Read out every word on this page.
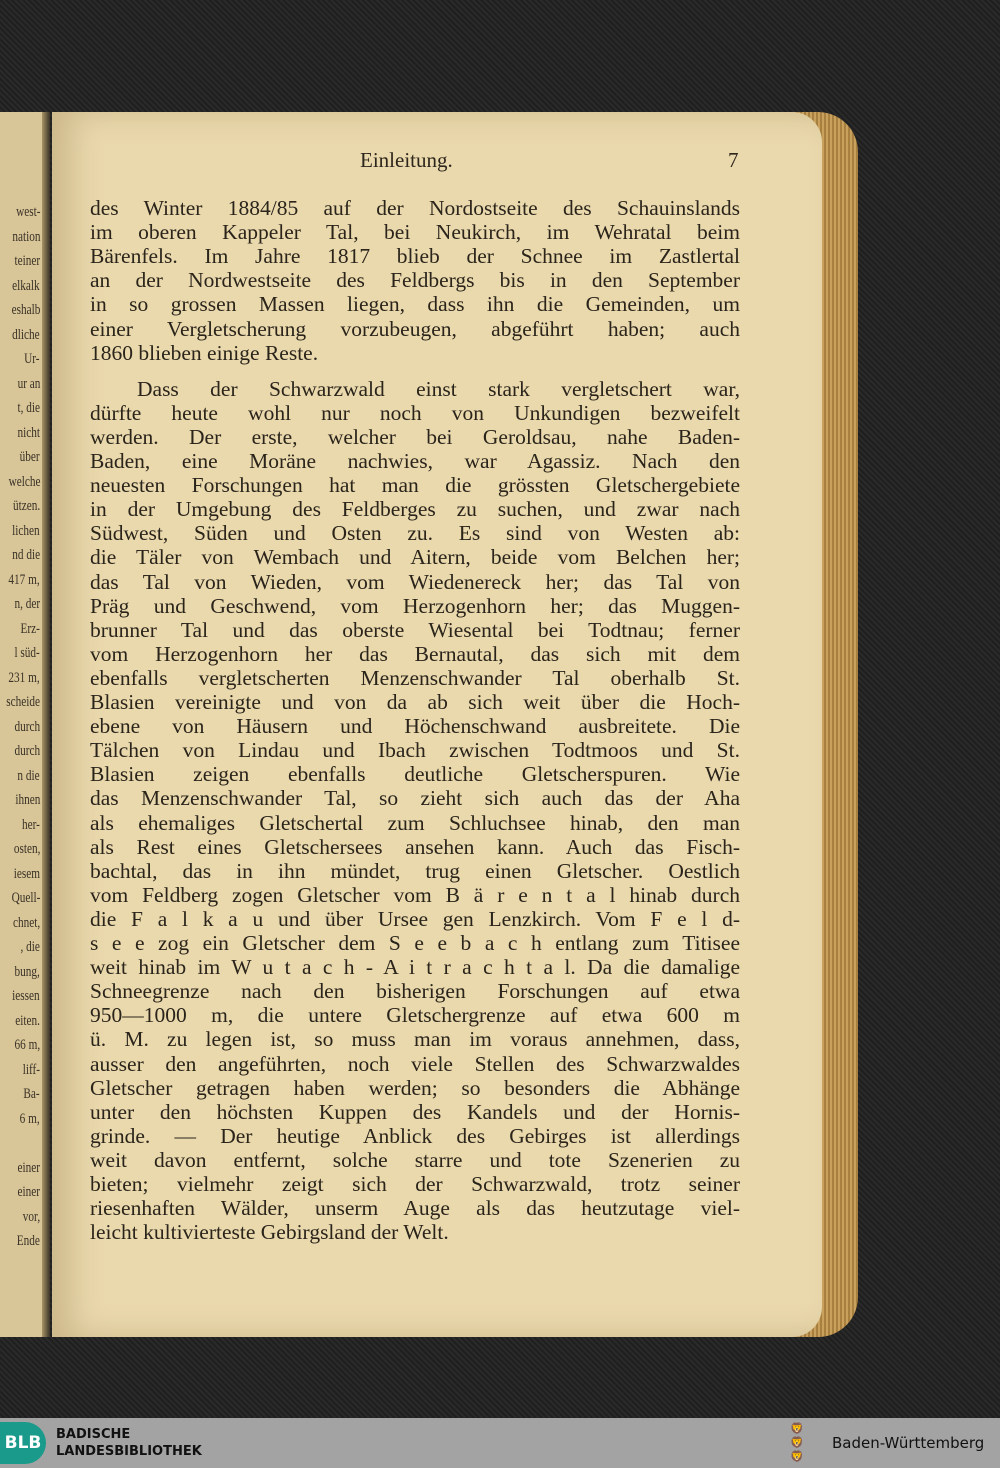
west-
nation
teiner
elkalk
eshalb
dliche
Ur-
ur an
t, die
nicht
über
welche
ützen.
lichen
nd die
417 m,
n, der
Erz-
l süd-
231 m,
scheide
durch
durch
n die
ihnen
her-
osten,
iesem
Quell-
chnet,
, die
bung,
iessen
eiten.
66 m,
liff-
Ba-
6 m,
einer
einer
vor,
Ende
Einleitung.	7
des Winter 1884/85 auf der Nordostseite des Schauinslands
im oberen Kappeler Tal, bei Neukirch, im Wehratal beim
Bärenfels. Im Jahre 1817 blieb der Schnee im Zastlertal
an der Nordwestseite des Feldbergs bis in den September
in so grossen Massen liegen, dass ihn die Gemeinden, um
einer Vergletscherung vorzubeugen, abgeführt haben; auch
1860 blieben einige Reste.
Dass der Schwarzwald einst stark vergletschert war,
dürfte heute wohl nur noch von Unkundigen bezweifelt
werden. Der erste, welcher bei Geroldsau, nahe Baden-
Baden, eine Moräne nachwies, war Agassiz. Nach den
neuesten Forschungen hat man die grössten Gletschergebiete
in der Umgebung des Feldberges zu suchen, und zwar nach
Südwest, Süden und Osten zu. Es sind von Westen ab:
die Täler von Wembach und Aitern, beide vom Belchen her;
das Tal von Wieden, vom Wiedenereck her; das Tal von
Präg und Geschwend, vom Herzogenhorn her; das Muggen-
brunner Tal und das oberste Wiesental bei Todtnau; ferner
vom Herzogenhorn her das Bernautal, das sich mit dem
ebenfalls vergletscherten Menzenschwander Tal oberhalb St.
Blasien vereinigte und von da ab sich weit über die Hoch-
ebene von Häusern und Höchenschwand ausbreitete. Die
Tälchen von Lindau und Ibach zwischen Todtmoos und St.
Blasien zeigen ebenfalls deutliche Gletscherspuren. Wie
das Menzenschwander Tal, so zieht sich auch das der Aha
als ehemaliges Gletschertal zum Schluchsee hinab, den man
als Rest eines Gletschersees ansehen kann. Auch das Fisch-
bachtal, das in ihn mündet, trug einen Gletscher. Oestlich
vom Feldberg zogen Gletscher vom B ä r e n t a l hinab durch
die F a l k a u und über Ursee gen Lenzkirch. Vom F e l d-
s e e zog ein Gletscher dem S e e b a c h entlang zum Titisee
weit hinab im W u t a c h - A i t r a c h t a l. Da die damalige
Schneegrenze nach den bisherigen Forschungen auf etwa
950—1000 m, die untere Gletschergrenze auf etwa 600 m
ü. M. zu legen ist, so muss man im voraus annehmen, dass,
ausser den angeführten, noch viele Stellen des Schwarzwaldes
Gletscher getragen haben werden; so besonders die Abhänge
unter den höchsten Kuppen des Kandels und der Hornis-
grinde. — Der heutige Anblick des Gebirges ist allerdings
weit davon entfernt, solche starre und tote Szenerien zu
bieten; vielmehr zeigt sich der Schwarzwald, trotz seiner
riesenhaften Wälder, unserm Auge als das heutzutage viel-
leicht kultivierteste Gebirgsland der Welt.
BLB	BADISCHE
LANDESBIBLIOTHEK
🦁
🦁
🦁
Baden-Württemberg
